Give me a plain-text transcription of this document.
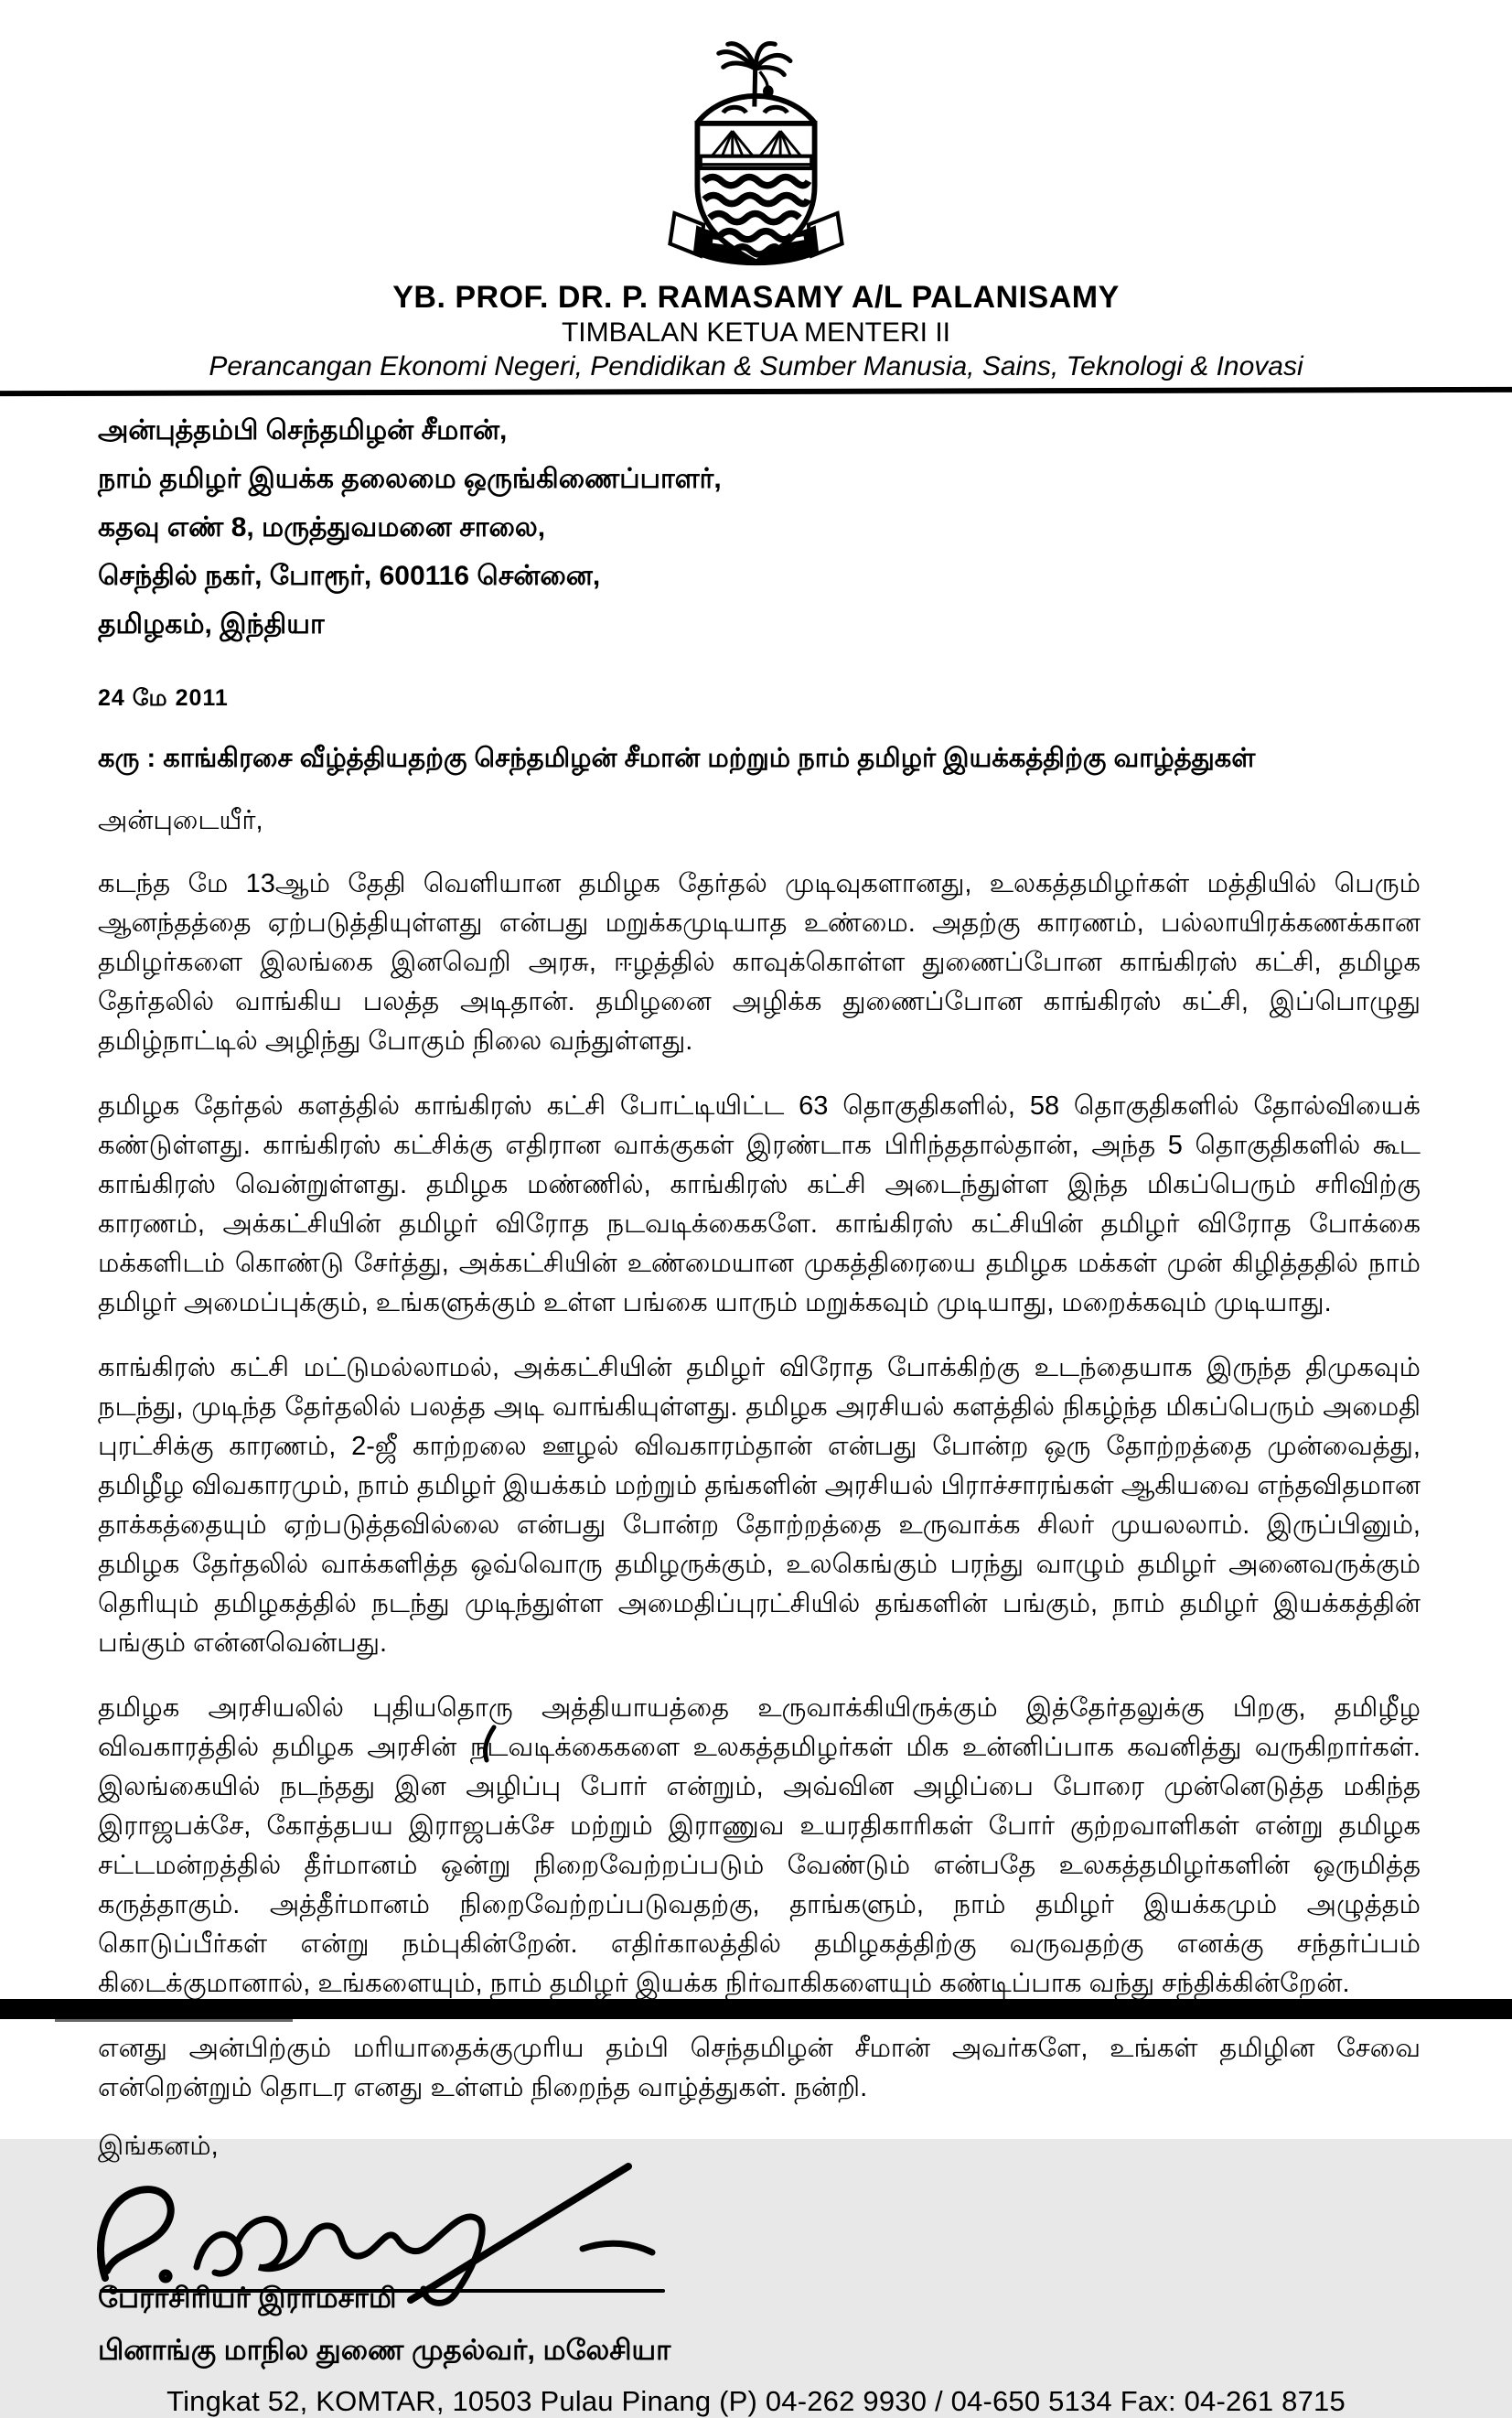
YB. PROF. DR. P. RAMASAMY A/L PALANISAMY
TIMBALAN KETUA MENTERI II
Perancangan Ekonomi Negeri, Pendidikan & Sumber Manusia, Sains, Teknologi & Inovasi
அன்புத்தம்பி செந்தமிழன் சீமான்,
நாம் தமிழர் இயக்க தலைமை ஒருங்கிணைப்பாளர்,
கதவு எண் 8, மருத்துவமனை சாலை,
செந்தில் நகர், போரூர், 600116 சென்னை,
தமிழகம், இந்தியா
24 மே 2011
கரு : காங்கிரசை வீழ்த்தியதற்கு செந்தமிழன் சீமான் மற்றும் நாம் தமிழர் இயக்கத்திற்கு வாழ்த்துகள்
அன்புடையீர்,
கடந்த மே 13ஆம் தேதி வெளியான தமிழக தேர்தல் முடிவுகளானது, உலகத்தமிழர்கள் மத்தியில் பெரும் ஆனந்தத்தை ஏற்படுத்தியுள்ளது என்பது மறுக்கமுடியாத உண்மை. அதற்கு காரணம், பல்லாயிரக்கணக்கான தமிழர்களை இலங்கை இனவெறி அரசு, ஈழத்தில் காவுக்கொள்ள துணைப்போன காங்கிரஸ் கட்சி, தமிழக தேர்தலில் வாங்கிய பலத்த அடிதான். தமிழனை அழிக்க துணைப்போன காங்கிரஸ் கட்சி, இப்பொழுது தமிழ்நாட்டில் அழிந்து போகும் நிலை வந்துள்ளது.
தமிழக தேர்தல் களத்தில் காங்கிரஸ் கட்சி போட்டியிட்ட 63 தொகுதிகளில், 58 தொகுதிகளில் தோல்வியைக் கண்டுள்ளது. காங்கிரஸ் கட்சிக்கு எதிரான வாக்குகள் இரண்டாக பிரிந்ததால்தான், அந்த 5 தொகுதிகளில் கூட காங்கிரஸ் வென்றுள்ளது. தமிழக மண்ணில், காங்கிரஸ் கட்சி அடைந்துள்ள இந்த மிகப்பெரும் சரிவிற்கு காரணம், அக்கட்சியின் தமிழர் விரோத நடவடிக்கைகளே. காங்கிரஸ் கட்சியின் தமிழர் விரோத போக்கை மக்களிடம் கொண்டு சேர்த்து, அக்கட்சியின் உண்மையான முகத்திரையை தமிழக மக்கள் முன் கிழித்ததில் நாம் தமிழர் அமைப்புக்கும், உங்களுக்கும் உள்ள பங்கை யாரும் மறுக்கவும் முடியாது, மறைக்கவும் முடியாது.
காங்கிரஸ் கட்சி மட்டுமல்லாமல், அக்கட்சியின் தமிழர் விரோத போக்கிற்கு உடந்தையாக இருந்த திமுகவும் நடந்து, முடிந்த தேர்தலில் பலத்த அடி வாங்கியுள்ளது. தமிழக அரசியல் களத்தில் நிகழ்ந்த மிகப்பெரும் அமைதி புரட்சிக்கு காரணம், 2-ஜீ காற்றலை ஊழல் விவகாரம்தான் என்பது போன்ற ஒரு தோற்றத்தை முன்வைத்து, தமிழீழ விவகாரமும், நாம் தமிழர் இயக்கம் மற்றும் தங்களின் அரசியல் பிராச்சாரங்கள் ஆகியவை எந்தவிதமான தாக்கத்தையும் ஏற்படுத்தவில்லை என்பது போன்ற தோற்றத்தை உருவாக்க சிலர் முயலலாம். இருப்பினும், தமிழக தேர்தலில் வாக்களித்த ஒவ்வொரு தமிழருக்கும், உலகெங்கும் பரந்து வாழும் தமிழர் அனைவருக்கும் தெரியும் தமிழகத்தில் நடந்து முடிந்துள்ள அமைதிப்புரட்சியில் தங்களின் பங்கும், நாம் தமிழர் இயக்கத்தின் பங்கும் என்னவென்பது.
தமிழக அரசியலில் புதியதொரு அத்தியாயத்தை உருவாக்கியிருக்கும் இத்தேர்தலுக்கு பிறகு, தமிழீழ விவகாரத்தில் தமிழக அரசின் நடவடிக்கைகளை உலகத்தமிழர்கள் மிக உன்னிப்பாக கவனித்து வருகிறார்கள். இலங்கையில் நடந்தது இன அழிப்பு போர் என்றும், அவ்வின அழிப்பை போரை முன்னெடுத்த மகிந்த இராஜபக்சே, கோத்தபய இராஜபக்சே மற்றும் இராணுவ உயரதிகாரிகள் போர் குற்றவாளிகள் என்று தமிழக சட்டமன்றத்தில் தீர்மானம் ஒன்று நிறைவேற்றப்படும் வேண்டும் என்பதே உலகத்தமிழர்களின் ஒருமித்த கருத்தாகும். அத்தீர்மானம் நிறைவேற்றப்படுவதற்கு, தாங்களும், நாம் தமிழர் இயக்கமும் அழுத்தம் கொடுப்பீர்கள் என்று நம்புகின்றேன். எதிர்காலத்தில் தமிழகத்திற்கு வருவதற்கு எனக்கு சந்தர்ப்பம் கிடைக்குமானால், உங்களையும், நாம் தமிழர் இயக்க நிர்வாகிகளையும் கண்டிப்பாக வந்து சந்திக்கின்றேன்.
எனது அன்பிற்கும் மரியாதைக்குமுரிய தம்பி செந்தமிழன் சீமான் அவர்களே, உங்கள் தமிழின சேவை என்றென்றும் தொடர எனது உள்ளம் நிறைந்த வாழ்த்துகள். நன்றி.
இங்கனம்,
பேராசிரியர் இராமசாமி
பினாங்கு மாநில துணை முதல்வர், மலேசியா
Tingkat 52, KOMTAR, 10503 Pulau Pinang (P) 04-262 9930 / 04-650 5134 Fax: 04-261 8715
